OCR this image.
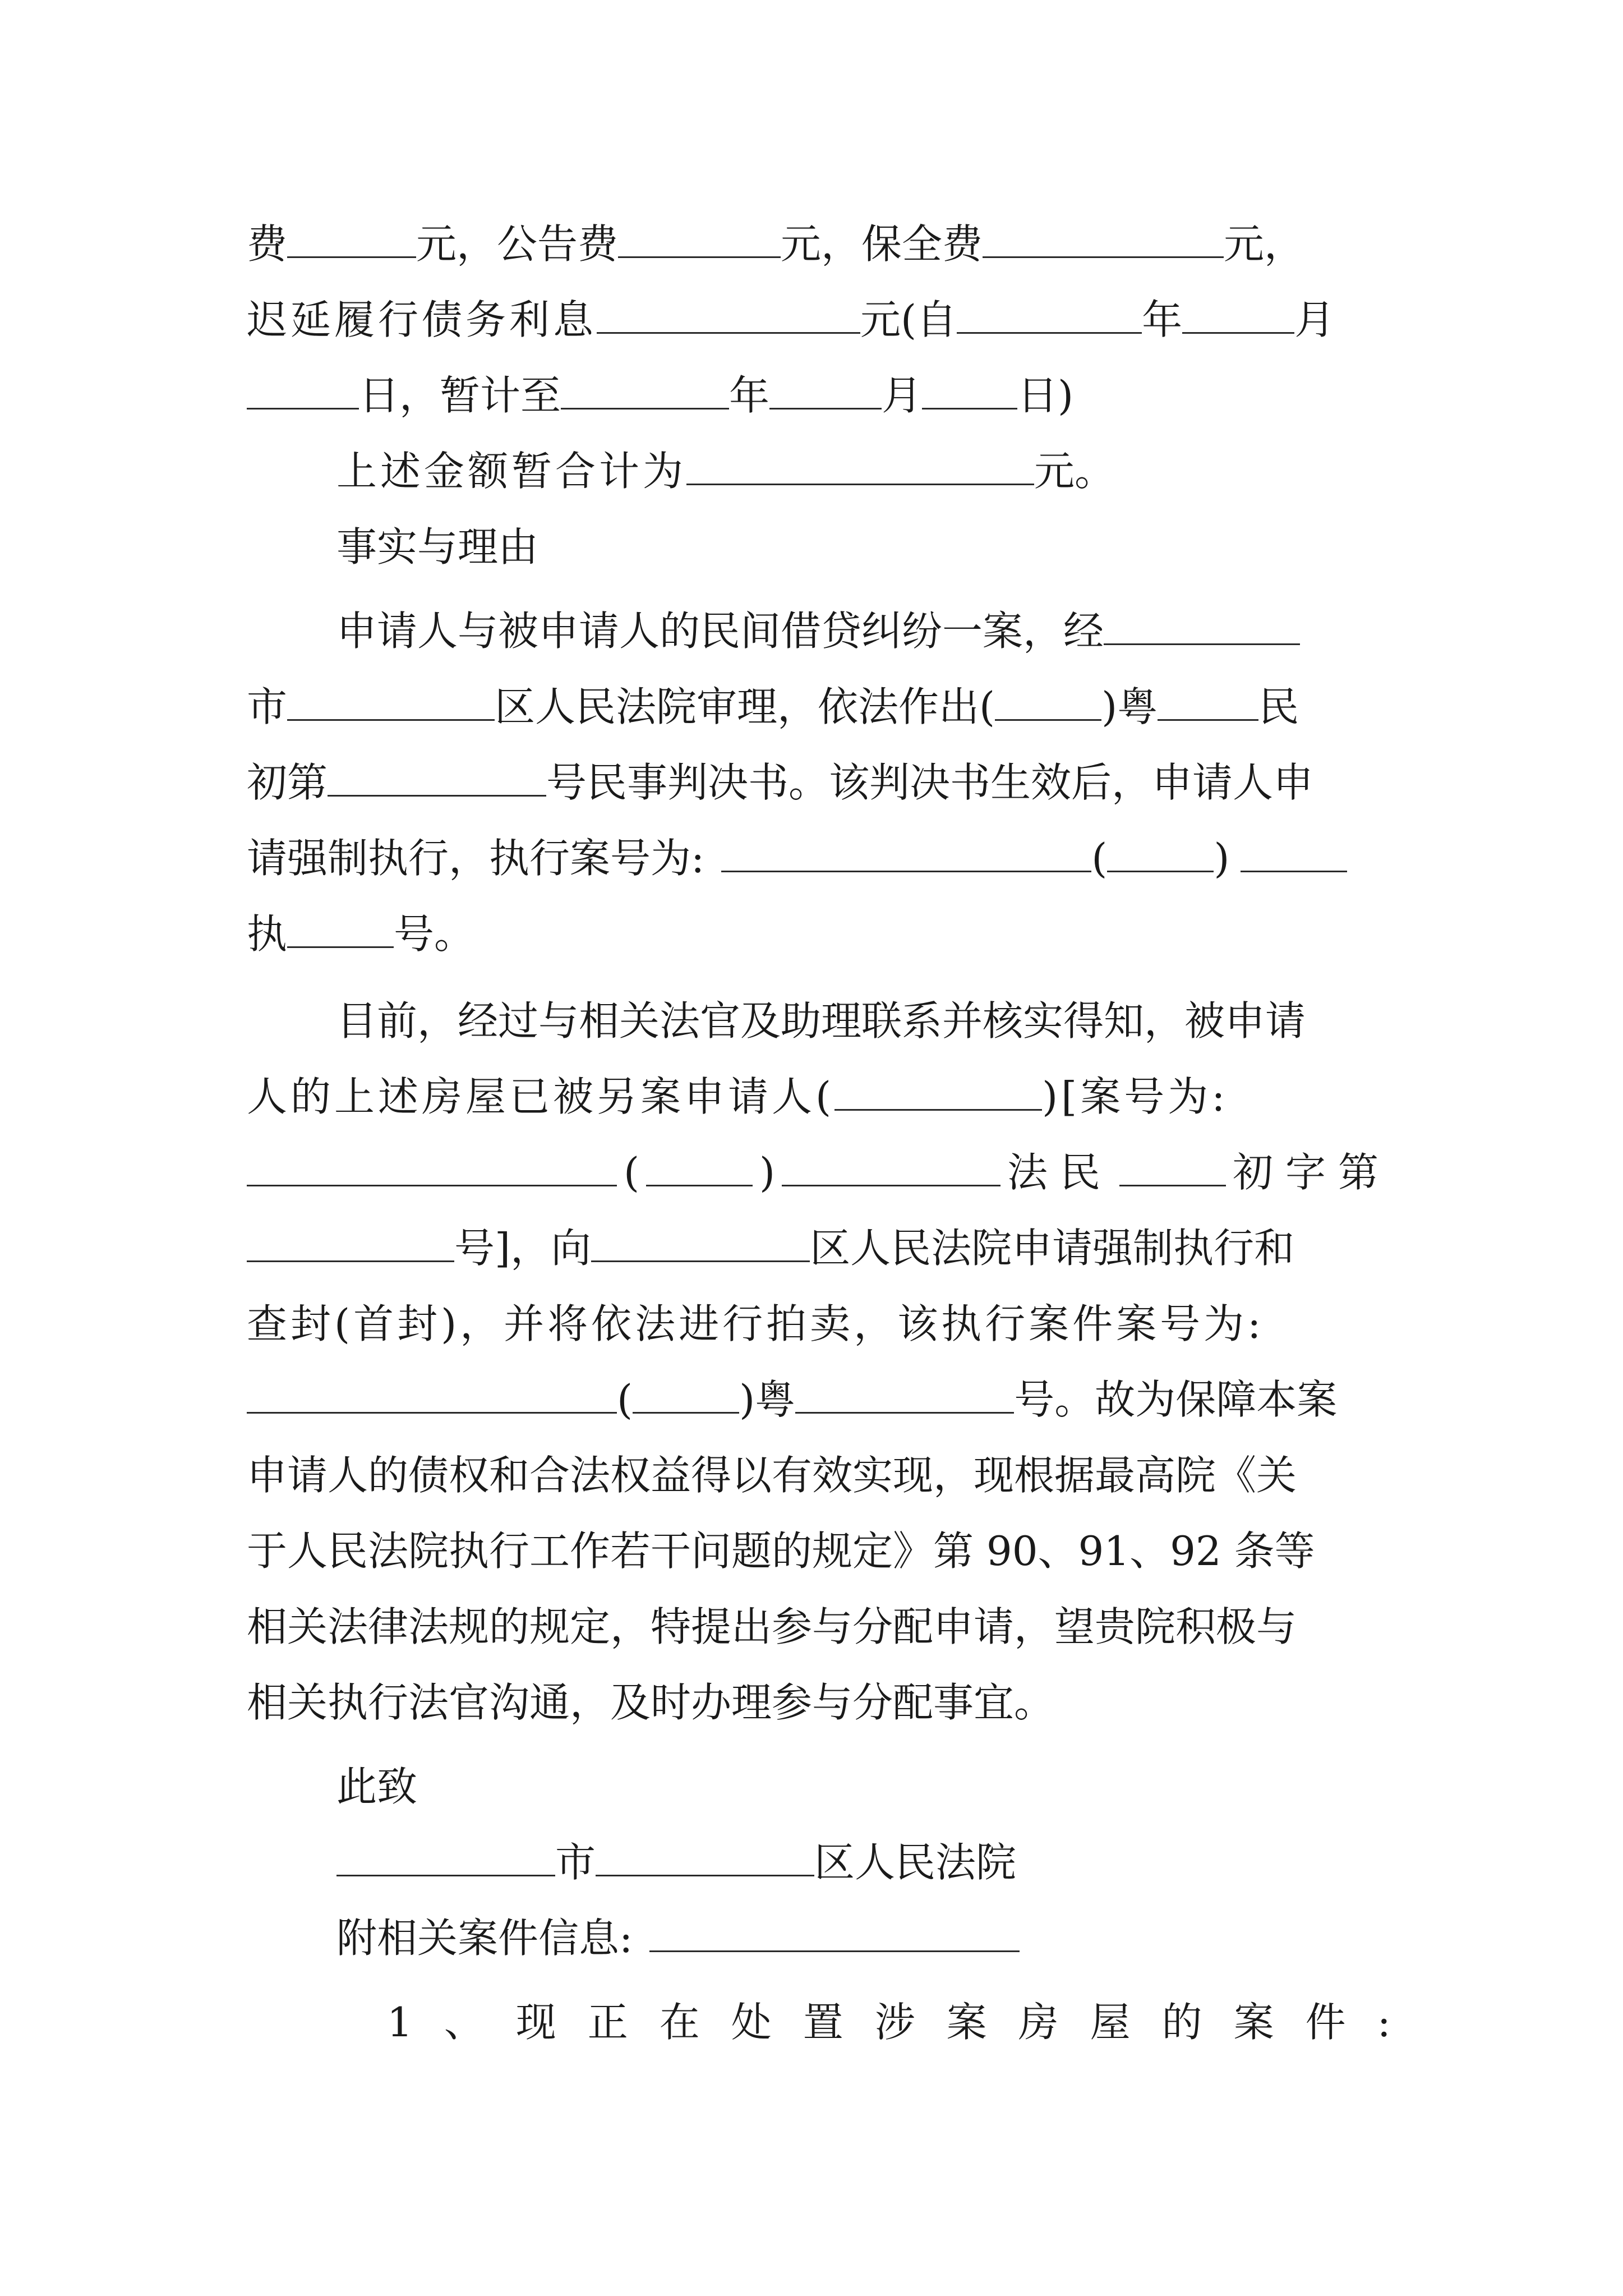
费	元，公告费	元，保全费	元，
迟延履行债务利息	元(自	年	月
日，暂计至	年	月 日)
上述金额暂合计为	元。
事实与理由
申请人与被申请人的民间借贷纠纷一案，经
市	区人民法院审理，依法作出(	)粤	民
初第	号民事判决书。该判决书生效后，申请人申
请强制执行，执行案号为:	(	)
执	号。
目前，经过与相关法官及助理联系并核实得知，被申请
人的上述房屋已被另案申请人(	)[案号为:
(	)	法民	初字第
号]，向	区人民法院申请强制执行和
查封(首封)，并将依法进行拍卖，该执行案件案号为:
(	)粤	号。故为保障本案
申请人的债权和合法权益得以有效实现，现根据最高院《关
于人民法院执行工作若干问题的规定》第 90、91、92 条等
相关法律法规的规定，特提出参与分配申请，望贵院积极与
相关执行法官沟通，及时办理参与分配事宜。
此致
市	区人民法院
附相关案件信息:
1 、 现 正 在 处 置 涉 案 房 屋 的 案 件 :
